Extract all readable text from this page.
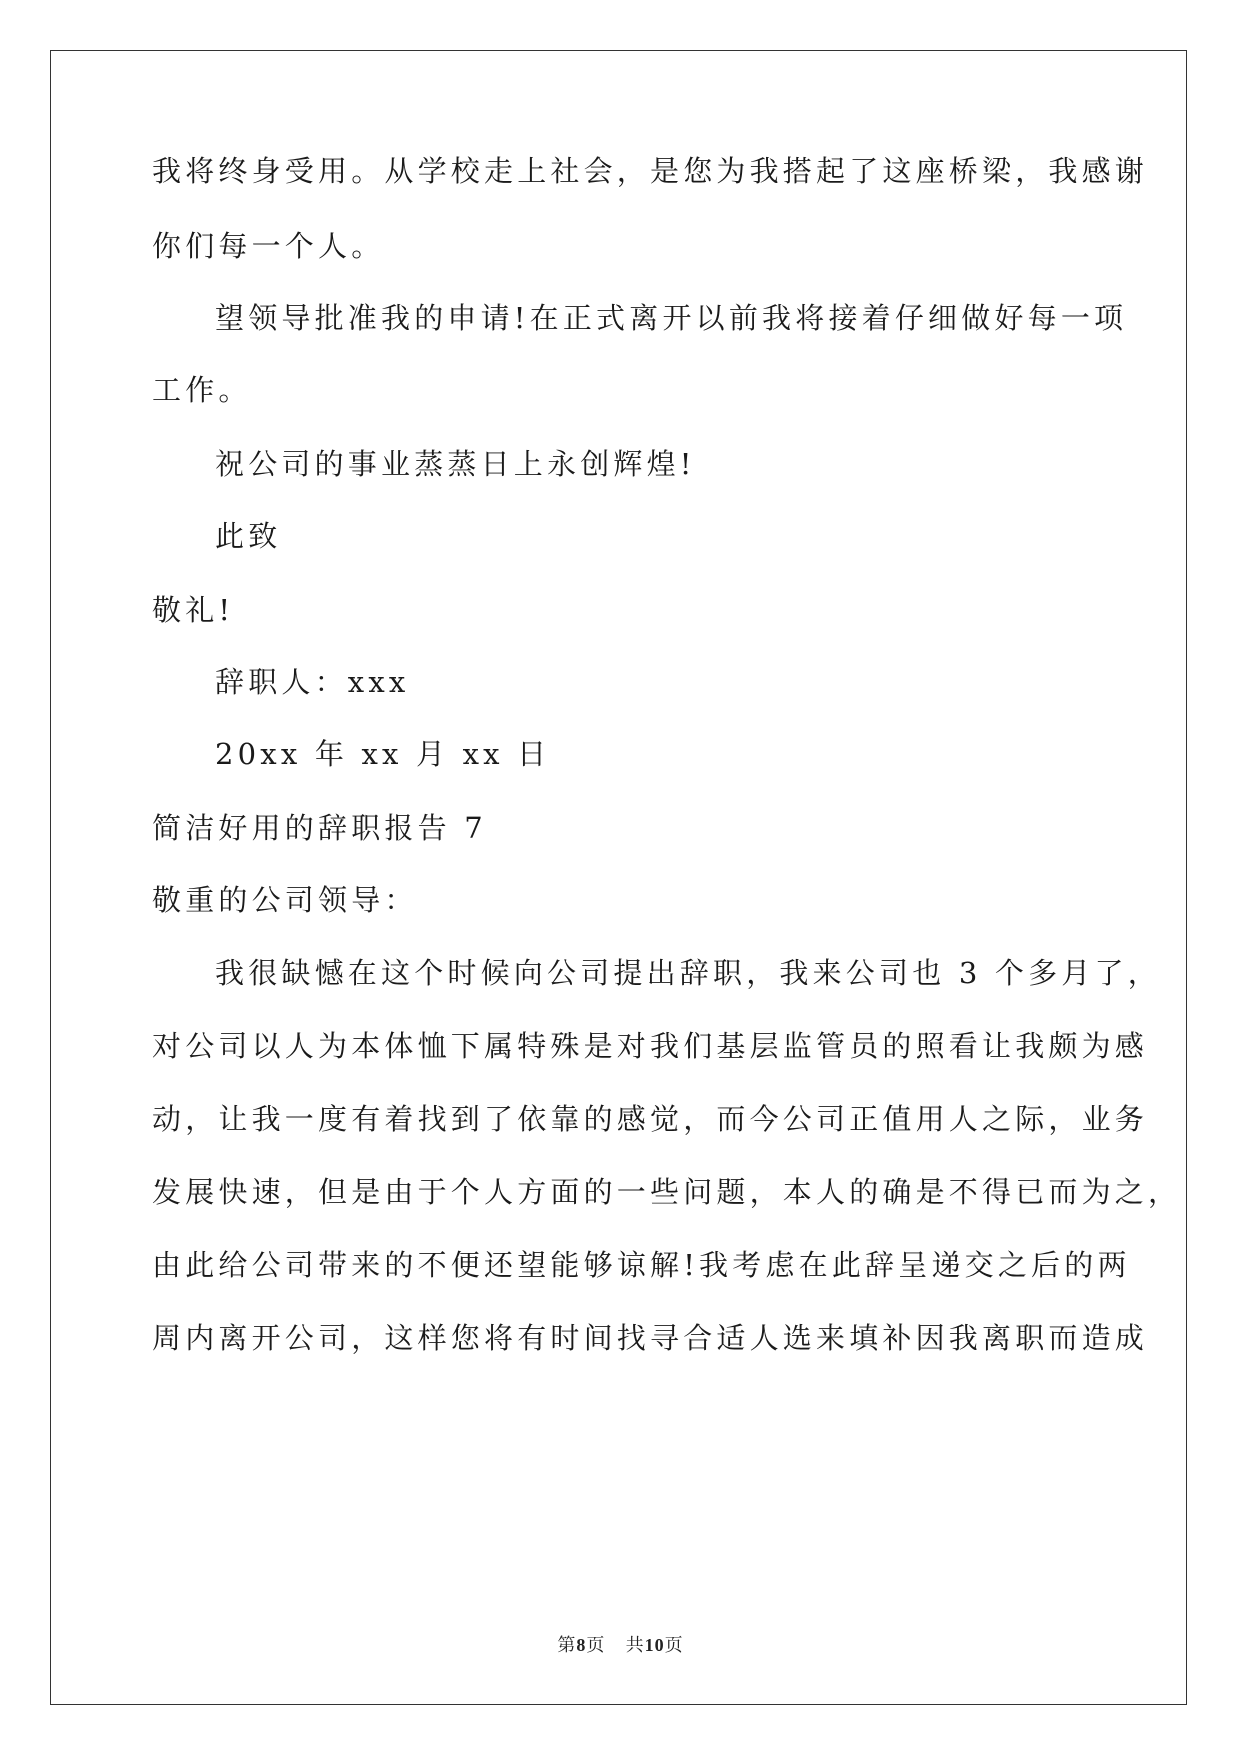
我将终身受用。从学校走上社会，是您为我搭起了这座桥梁，我感谢
你们每一个人。
望领导批准我的申请!在正式离开以前我将接着仔细做好每一项
工作。
祝公司的事业蒸蒸日上永创辉煌!
此致
敬礼!
辞职人：xxx
20xx 年 xx 月 xx 日
简洁好用的辞职报告 7
敬重的公司领导：
我很缺憾在这个时候向公司提出辞职，我来公司也 3 个多月了，
对公司以人为本体恤下属特殊是对我们基层监管员的照看让我颇为感
动，让我一度有着找到了依靠的感觉，而今公司正值用人之际，业务
发展快速，但是由于个人方面的一些问题，本人的确是不得已而为之，
由此给公司带来的不便还望能够谅解!我考虑在此辞呈递交之后的两
周内离开公司，这样您将有时间找寻合适人选来填补因我离职而造成
第8页 共10页
